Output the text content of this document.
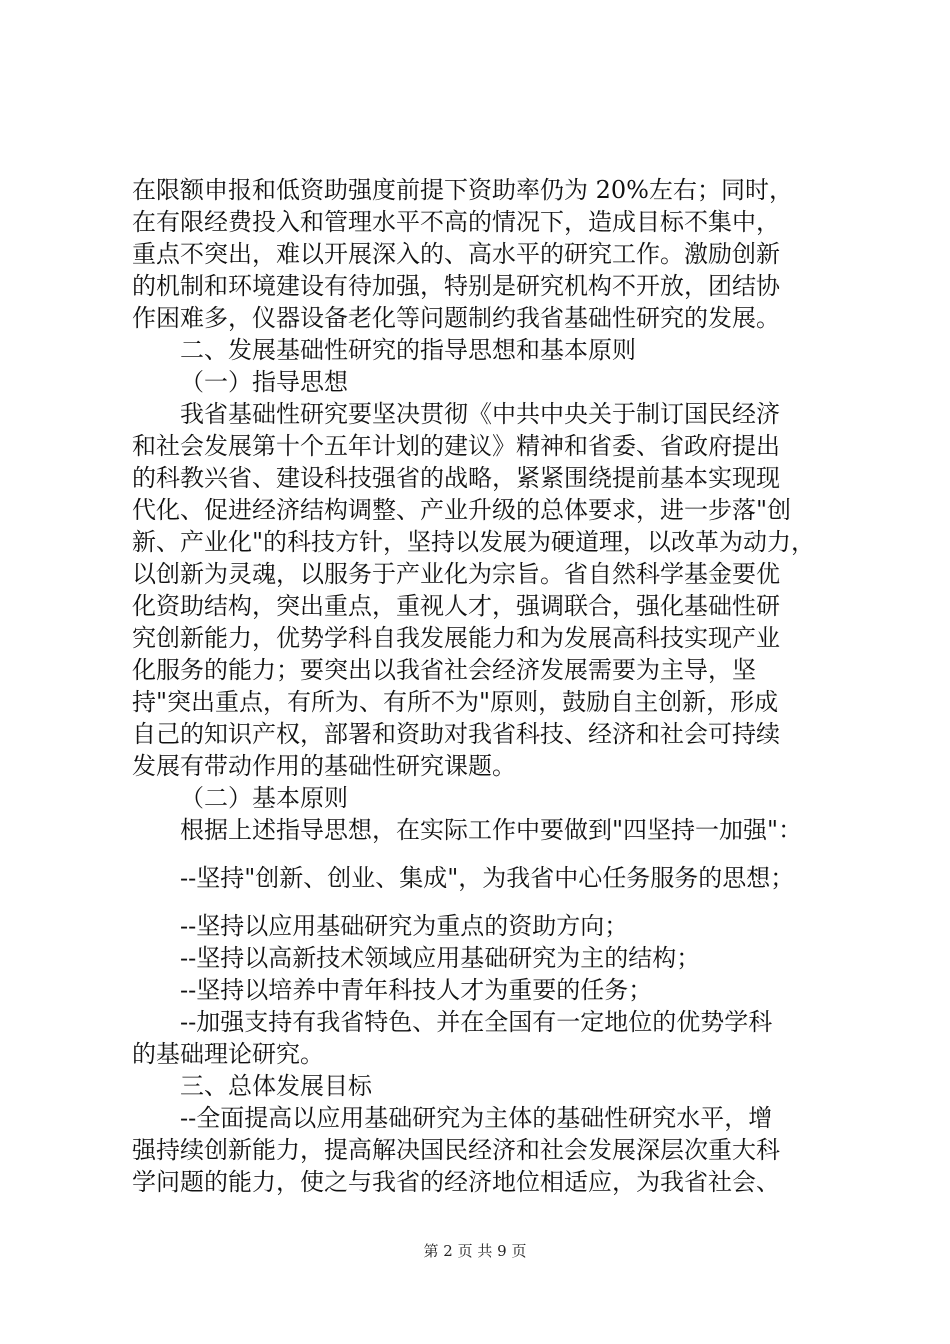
在限额申报和低资助强度前提下资助率仍为 20%左右；同时，
在有限经费投入和管理水平不高的情况下，造成目标不集中，
重点不突出，难以开展深入的、高水平的研究工作。激励创新
的机制和环境建设有待加强，特别是研究机构不开放，团结协
作困难多，仪器设备老化等问题制约我省基础性研究的发展。
二、发展基础性研究的指导思想和基本原则
（一）指导思想
我省基础性研究要坚决贯彻《中共中央关于制订国民经济
和社会发展第十个五年计划的建议》精神和省委、省政府提出
的科教兴省、建设科技强省的战略，紧紧围绕提前基本实现现
代化、促进经济结构调整、产业升级的总体要求，进一步落"创
新、产业化"的科技方针，坚持以发展为硬道理，以改革为动力，
以创新为灵魂，以服务于产业化为宗旨。省自然科学基金要优
化资助结构，突出重点，重视人才，强调联合，强化基础性研
究创新能力，优势学科自我发展能力和为发展高科技实现产业
化服务的能力；要突出以我省社会经济发展需要为主导，坚
持"突出重点，有所为、有所不为"原则，鼓励自主创新，形成
自己的知识产权，部署和资助对我省科技、经济和社会可持续
发展有带动作用的基础性研究课题。
（二）基本原则
根据上述指导思想，在实际工作中要做到"四坚持一加强"：
--坚持"创新、创业、集成"，为我省中心任务服务的思想；
--坚持以应用基础研究为重点的资助方向；
--坚持以高新技术领域应用基础研究为主的结构；
--坚持以培养中青年科技人才为重要的任务；
--加强支持有我省特色、并在全国有一定地位的优势学科
的基础理论研究。
三、总体发展目标
--全面提高以应用基础研究为主体的基础性研究水平，增
强持续创新能力，提高解决国民经济和社会发展深层次重大科
学问题的能力，使之与我省的经济地位相适应，为我省社会、
第 2 页 共 9 页
